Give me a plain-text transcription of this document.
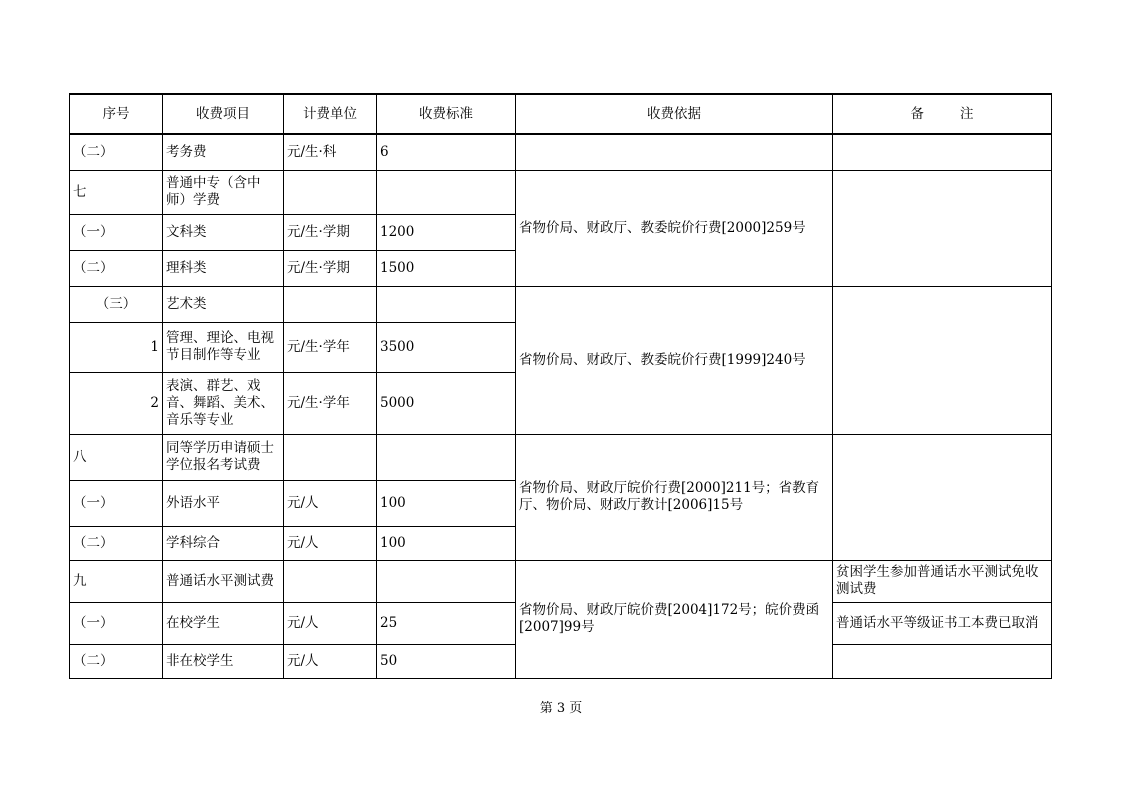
序号	收费项目	计费单位	收费标准	收费依据	备 注
（二）	考务费	元/生·科	6		
七	普通中专（含中师）学费			省物价局、财政厅、教委皖价行费[2000]259号	
（一）	文科类	元/生·学期	1200		
（二）	理科类	元/生·学期	1500		
（三）	艺术类			省物价局、财政厅、教委皖价行费[1999]240号	
1	管理、理论、电视节目制作等专业	元/生·学年	3500		
2	表演、群艺、戏音、舞蹈、美术、音乐等专业	元/生·学年	5000		
八	同等学历申请硕士学位报名考试费			省物价局、财政厅皖价行费[2000]211号；省教育厅、物价局、财政厅教计[2006]15号	
（一）	外语水平	元/人	100		
（二）	学科综合	元/人	100		
九	普通话水平测试费			省物价局、财政厅皖价费[2004]172号；皖价费函[2007]99号	贫困学生参加普通话水平测试免收测试费
（一）	在校学生	元/人	25		普通话水平等级证书工本费已取消
（二）	非在校学生	元/人	50		
第 3 页
